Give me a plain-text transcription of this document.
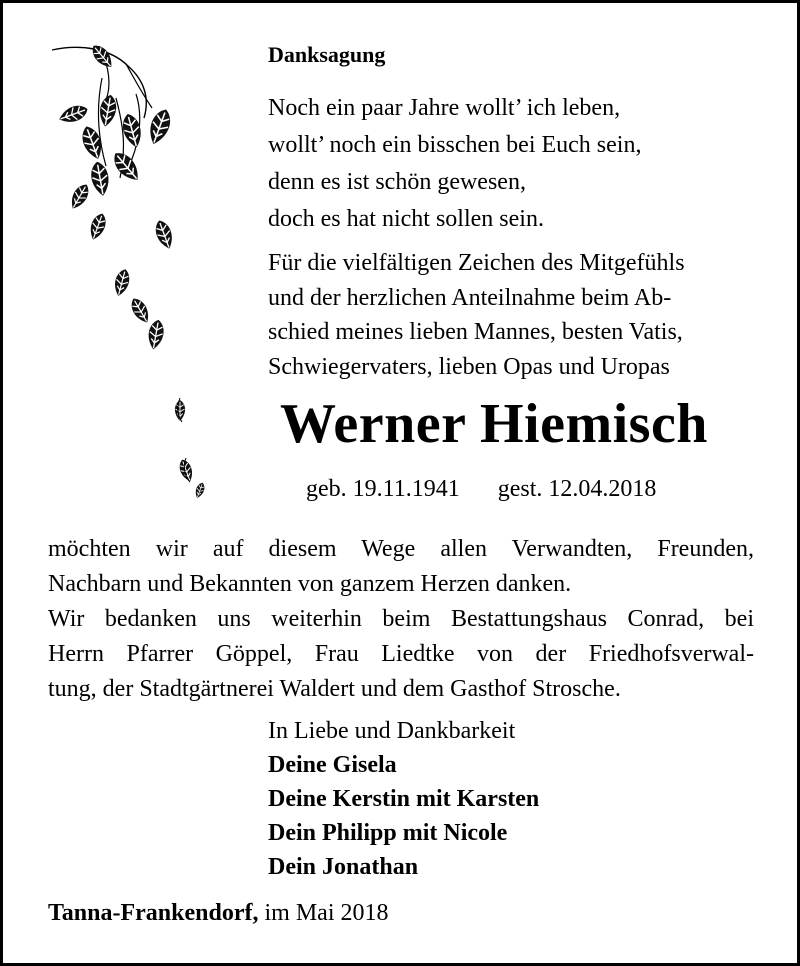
Danksagung
Noch ein paar Jahre wollt’ ich leben,
wollt’ noch ein bisschen bei Euch sein,
denn es ist schön gewesen,
doch es hat nicht sollen sein.
Für die vielfältigen Zeichen des Mitgefühls
und der herzlichen Anteilnahme beim Ab-
schied meines lieben Mannes, besten Vatis,
Schwiegervaters, lieben Opas und Uropas
Werner Hiemisch
geb. 19.11.1941 gest. 12.04.2018
möchten wir auf diesem Wege allen Verwandten, Freunden,
Nachbarn und Bekannten von ganzem Herzen danken.
Wir bedanken uns weiterhin beim Bestattungshaus Conrad, bei
Herrn Pfarrer Göppel, Frau Liedtke von der Friedhofsverwal-
tung, der Stadtgärtnerei Waldert und dem Gasthof Strosche.
In Liebe und Dankbarkeit
Deine Gisela
Deine Kerstin mit Karsten
Dein Philipp mit Nicole
Dein Jonathan
Tanna-Frankendorf, im Mai 2018
